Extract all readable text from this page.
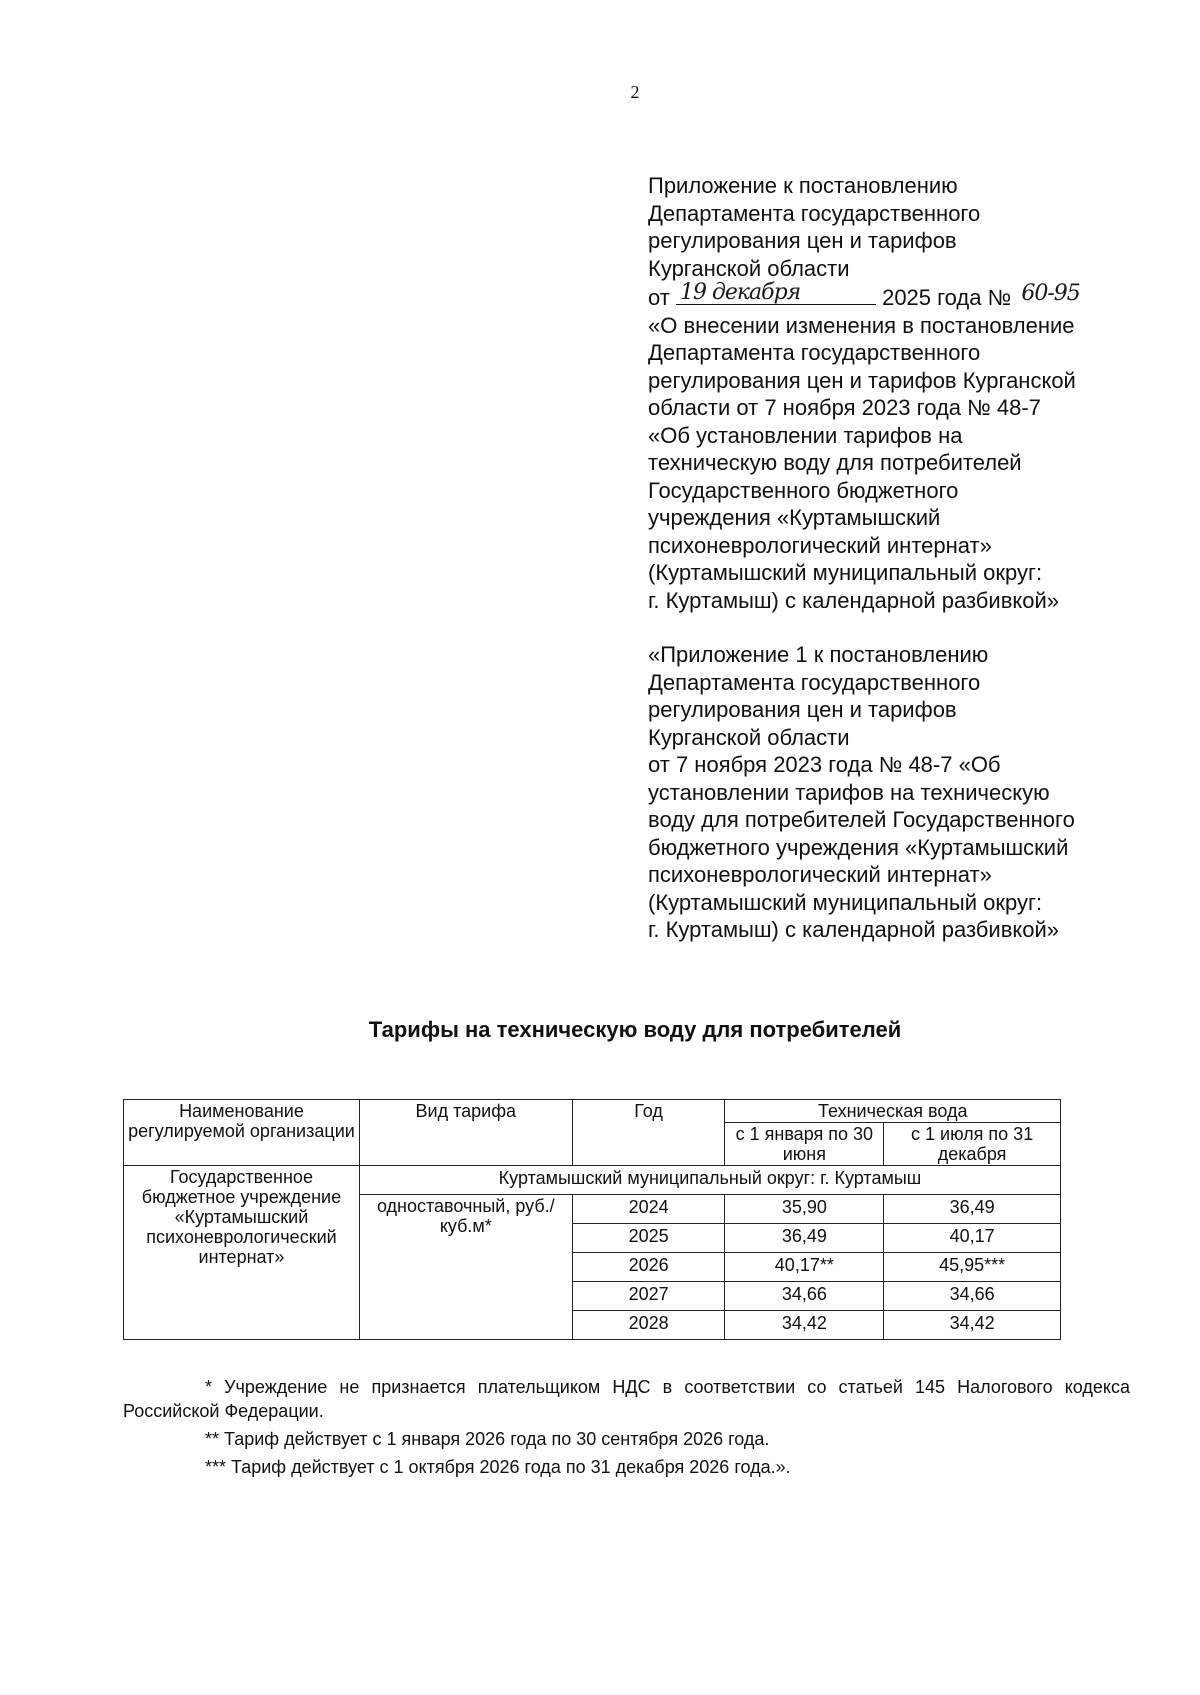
2
Приложение к постановлению
Департамента государственного
регулирования цен и тарифов
Курганской области
от 19 декабря	2025 года № 60-95
«О внесении изменения в постановление
Департамента государственного
регулирования цен и тарифов Курганской
области от 7 ноября 2023 года № 48-7
«Об установлении тарифов на
техническую воду для потребителей
Государственного бюджетного
учреждения «Куртамышский
психоневрологический интернат»
(Куртамышский муниципальный округ:
г. Куртамыш) с календарной разбивкой»
«Приложение 1 к постановлению
Департамента государственного
регулирования цен и тарифов
Курганской области
от 7 ноября 2023 года № 48-7 «Об
установлении тарифов на техническую
воду для потребителей Государственного
бюджетного учреждения «Куртамышский
психоневрологический интернат»
(Куртамышский муниципальный округ:
г. Куртамыш) с календарной разбивкой»
Тарифы на техническую воду для потребителей
Наименование регулируемой организации	Вид тарифа	Год	Техническая вода	
			с 1 января по 30 июня	с 1 июля по 31 декабря
Государственное бюджетное учреждение «Куртамышский психоневрологический интернат»	Куртамышский муниципальный округ: г. Куртамыш			
	одноставочный, руб./куб.м*	2024	35,90	36,49
		2025	36,49	40,17
		2026	40,17**	45,95***
		2027	34,66	34,66
		2028	34,42	34,42

* Учреждение не признается плательщиком НДС в соответствии со статьей 145 Налогового кодекса Российской Федерации.

** Тариф действует с 1 января 2026 года по 30 сентября 2026 года.

*** Тариф действует с 1 октября 2026 года по 31 декабря 2026 года.».
